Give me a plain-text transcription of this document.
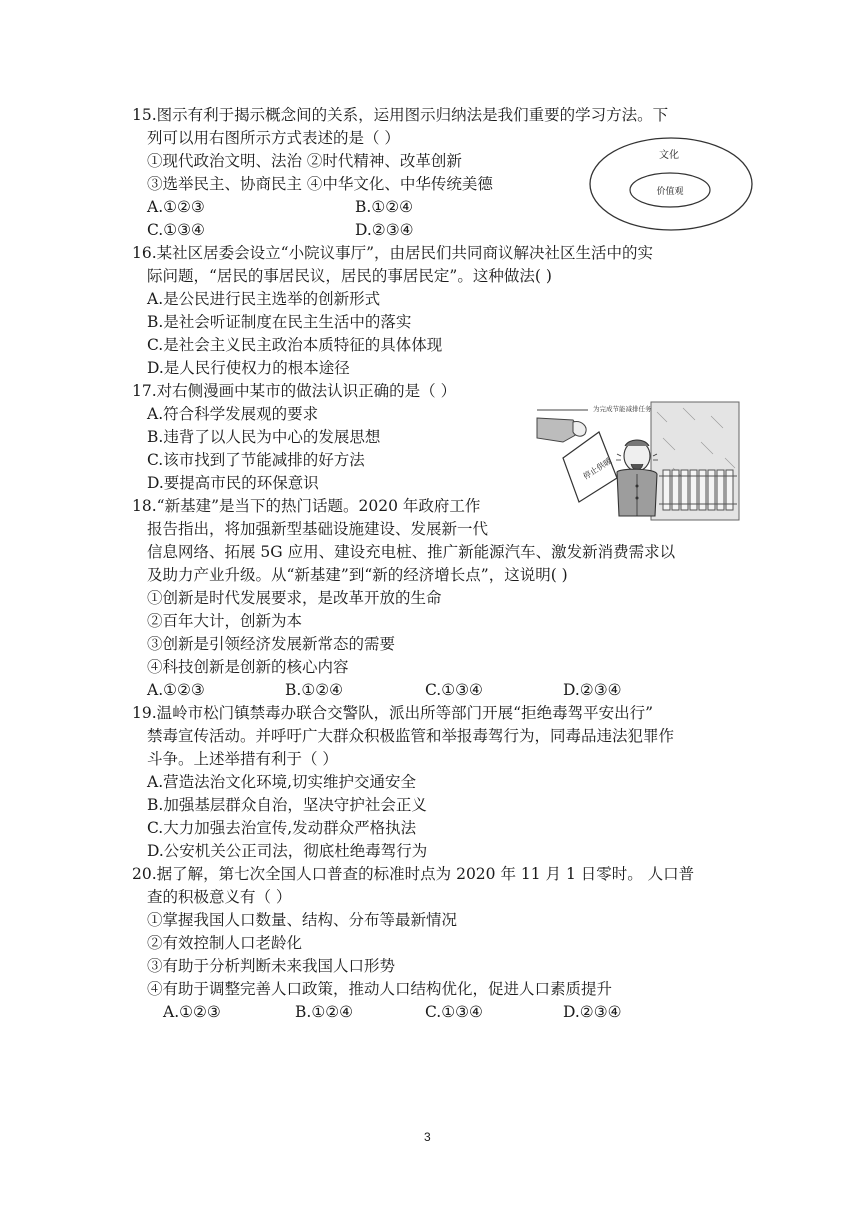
15.图示有利于揭示概念间的关系，运用图示归纳法是我们重要的学习方法。下
列可以用右图所示方式表述的是（ ）
①现代政治文明、法治 ②时代精神、改革创新
③选举民主、协商民主 ④中华文化、中华传统美德
A.①②③	B.①②④
C.①③④	D.②③④
文化
价值观
16.某社区居委会设立“小院议事厅”，由居民们共同商议解决社区生活中的实
际问题，“居民的事居民议，居民的事居民定”。这种做法( )
A.是公民进行民主选举的创新形式
B.是社会听证制度在民主生活中的落实
C.是社会主义民主政治本质特征的具体体现
D.是人民行使权力的根本途径
17.对右侧漫画中某市的做法认识正确的是（ ）
A.符合科学发展观的要求
B.违背了以人民为中心的发展思想
C.该市找到了节能减排的好方法
D.要提高市民的环保意识
为完成节能减排任务
停止供暖
18.“新基建”是当下的热门话题。2020 年政府工作
报告指出，将加强新型基础设施建设、发展新一代
信息网络、拓展 5G 应用、建设充电桩、推广新能源汽车、激发新消费需求以
及助力产业升级。从“新基建”到“新的经济增长点”，这说明( )
①创新是时代发展要求，是改革开放的生命
②百年大计，创新为本
③创新是引领经济发展新常态的需要
④科技创新是创新的核心内容
A.①②③	B.①②④	C.①③④	D.②③④
19.温岭市松门镇禁毒办联合交警队，派出所等部门开展“拒绝毒驾平安出行”
禁毒宣传活动。并呼吁广大群众积极监管和举报毒驾行为，同毒品违法犯罪作
斗争。上述举措有利于（ ）
A.营造法治文化环境,切实维护交通安全
B.加强基层群众自治，坚决守护社会正义
C.大力加强去治宣传,发动群众严格执法
D.公安机关公正司法，彻底杜绝毒驾行为
20.据了解，第七次全国人口普查的标准时点为 2020 年 11 月 1 日零时。 人口普
查的积极意义有（ ）
①掌握我国人口数量、结构、分布等最新情况
②有效控制人口老龄化
③有助于分析判断未来我国人口形势
④有助于调整完善人口政策，推动人口结构优化，促进人口素质提升
A.①②③	B.①②④	C.①③④	D.②③④
3
